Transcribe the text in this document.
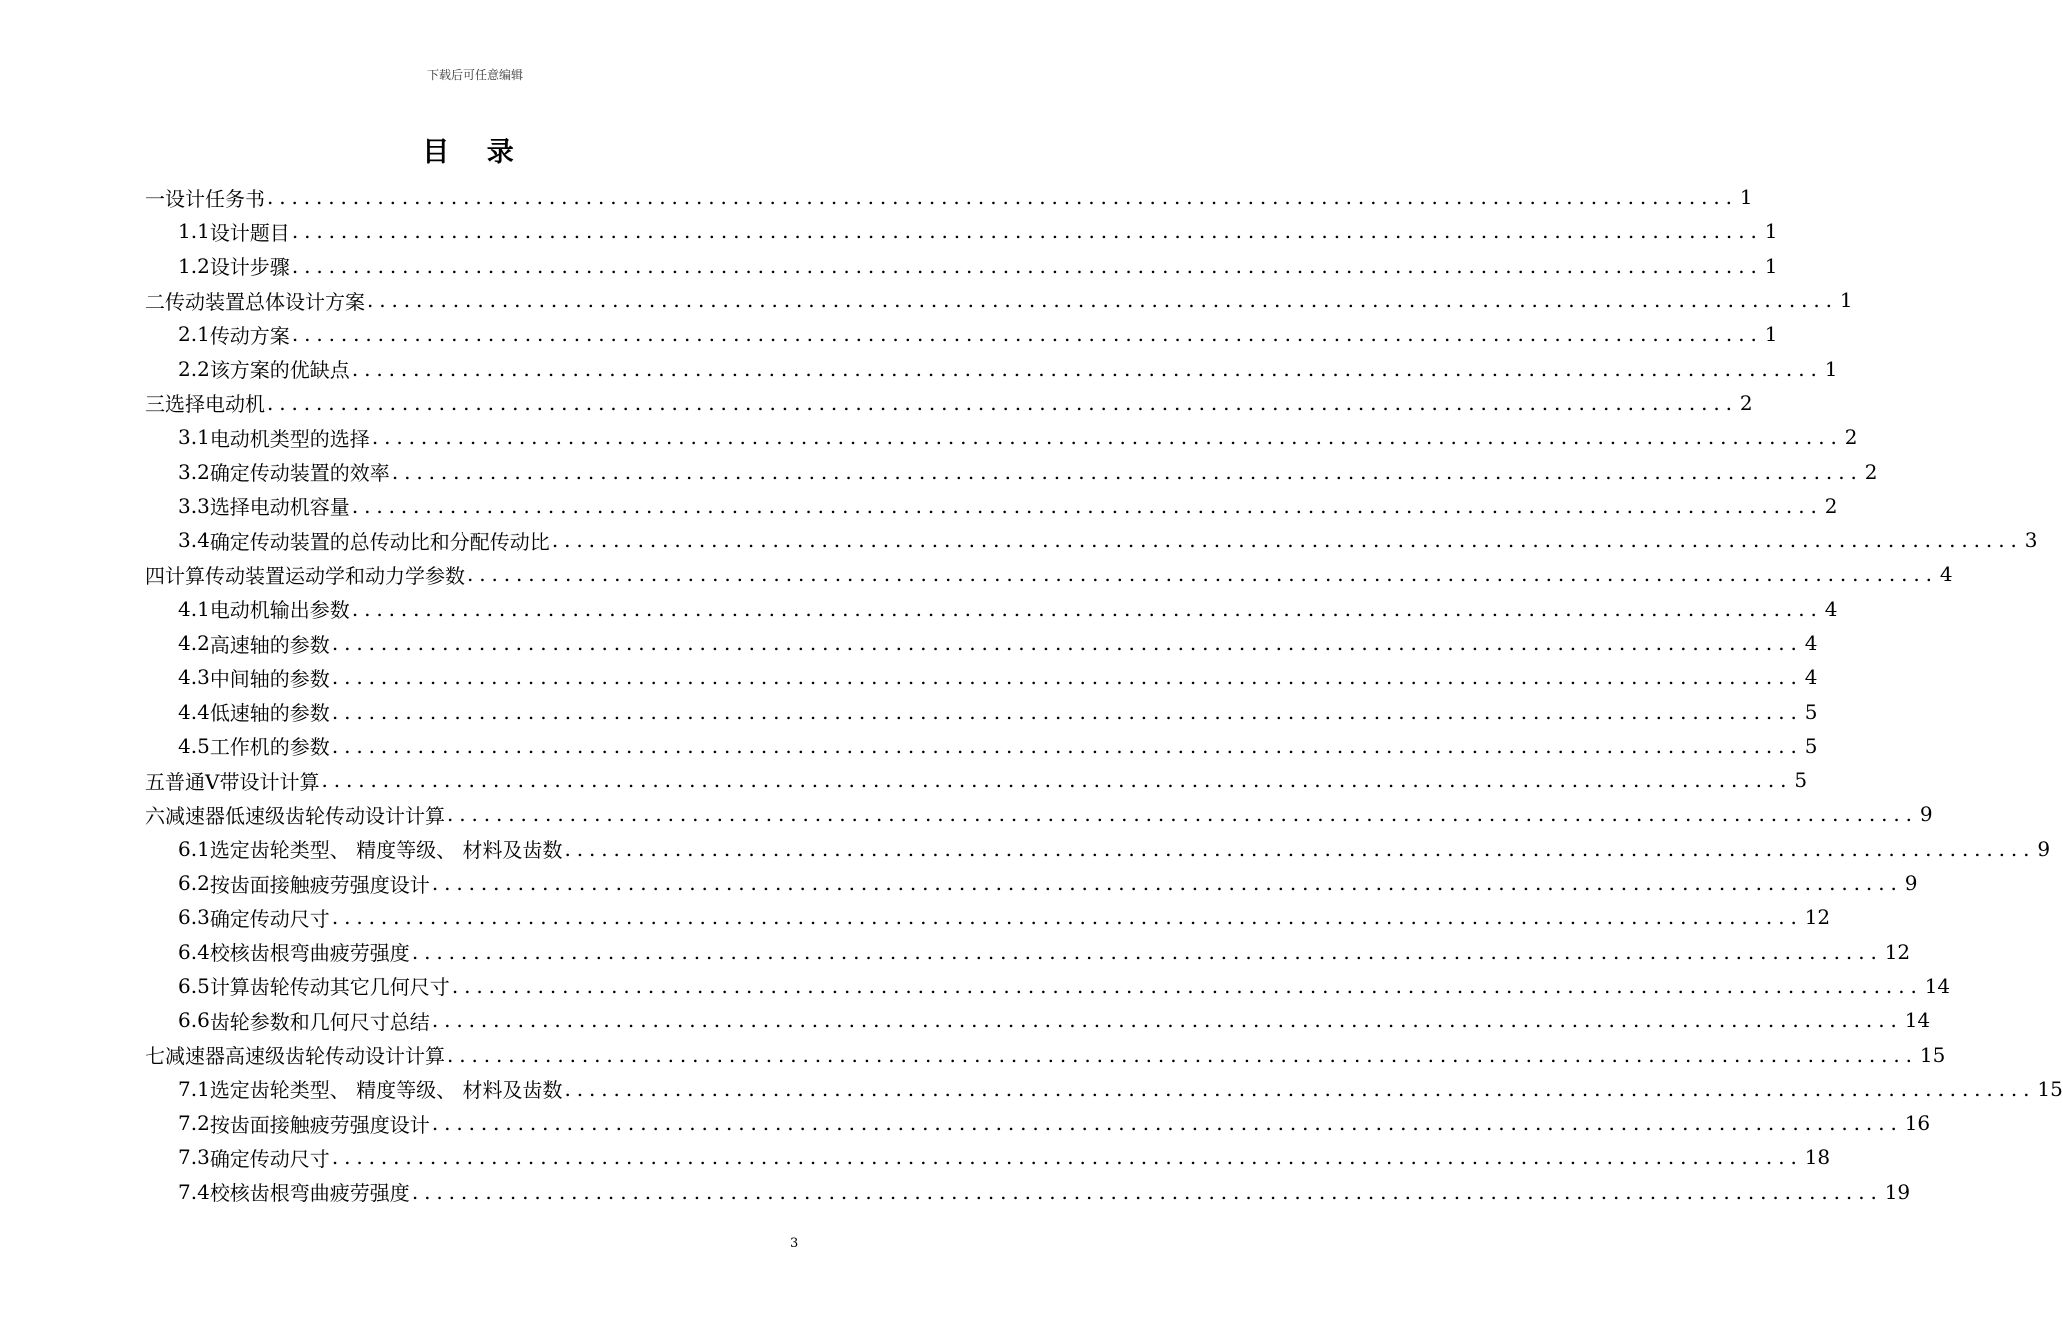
下载后可任意编辑
目 录
一 设计任务书 ........................................................................................................................ 1
1.1 设计题目 ........................................................................................................................ 1
1.2 设计步骤 ........................................................................................................................ 1
二 传动装置总体设计方案 ........................................................................................................................ 1
2.1 传动方案 ........................................................................................................................ 1
2.2 该方案的优缺点 ........................................................................................................................ 1
三 选择电动机 ........................................................................................................................ 2
3.1 电动机类型的选择 ........................................................................................................................ 2
3.2 确定传动装置的效率 ........................................................................................................................ 2
3.3 选择电动机容量 ........................................................................................................................ 2
3.4 确定传动装置的总传动比和分配传动比 ........................................................................................................................ 3
四 计算传动装置运动学和动力学参数 ........................................................................................................................ 4
4.1 电动机输出参数 ........................................................................................................................ 4
4.2 高速轴的参数 ........................................................................................................................ 4
4.3 中间轴的参数 ........................................................................................................................ 4
4.4 低速轴的参数 ........................................................................................................................ 5
4.5 工作机的参数 ........................................................................................................................ 5
五 普通V带设计计算 ........................................................................................................................ 5
六 减速器低速级齿轮传动设计计算 ........................................................................................................................ 9
6.1 选定齿轮类型、 精度等级、 材料及齿数 ........................................................................................................................ 9
6.2 按齿面接触疲劳强度设计 ........................................................................................................................ 9
6.3 确定传动尺寸 ........................................................................................................................ 12
6.4 校核齿根弯曲疲劳强度 ........................................................................................................................ 12
6.5 计算齿轮传动其它几何尺寸 ........................................................................................................................ 14
6.6 齿轮参数和几何尺寸总结 ........................................................................................................................ 14
七 减速器高速级齿轮传动设计计算 ........................................................................................................................ 15
7.1 选定齿轮类型、 精度等级、 材料及齿数 ........................................................................................................................ 15
7.2 按齿面接触疲劳强度设计 ........................................................................................................................ 16
7.3 确定传动尺寸 ........................................................................................................................ 18
7.4 校核齿根弯曲疲劳强度 ........................................................................................................................ 19
3
